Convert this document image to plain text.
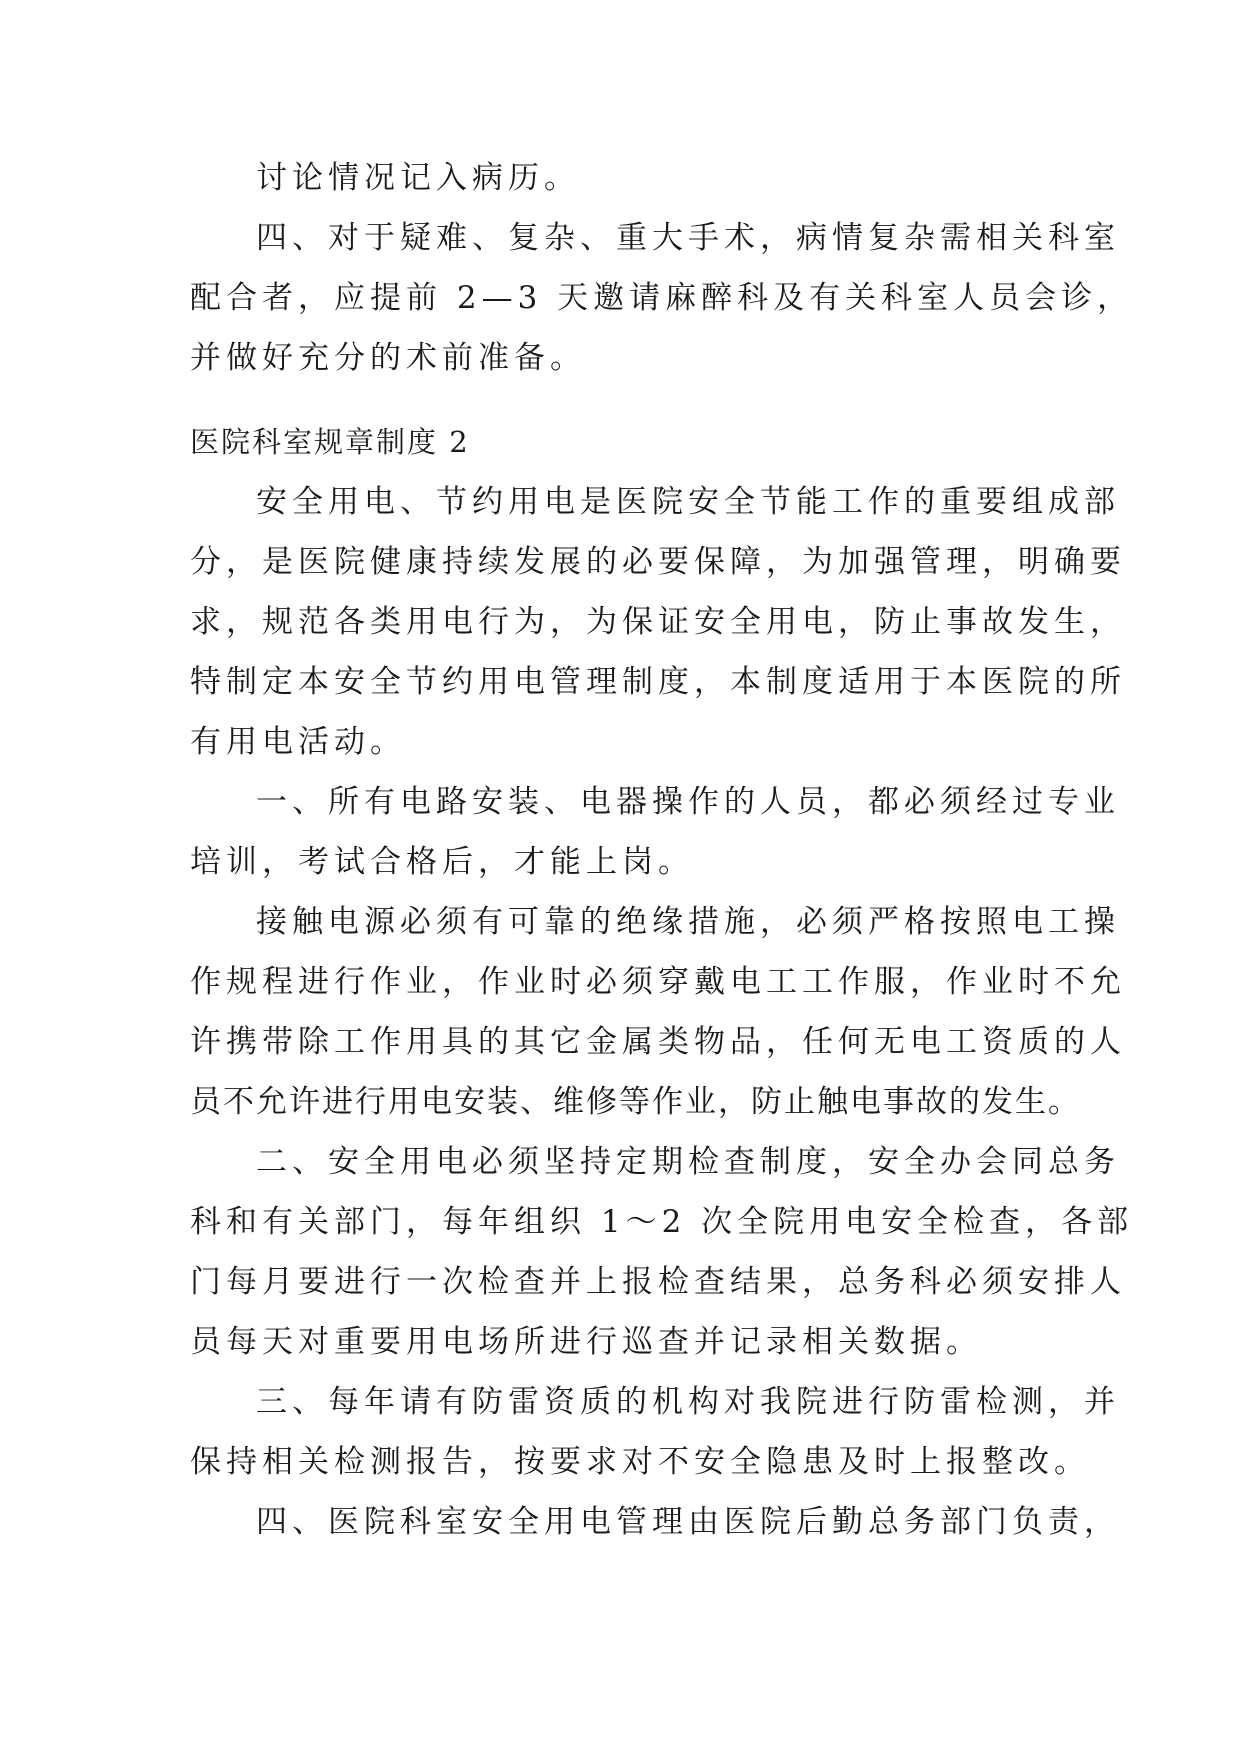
讨论情况记入病历。
四、对于疑难、复杂、重大手术，病情复杂需相关科室
配合者，应提前 2—3 天邀请麻醉科及有关科室人员会诊，
并做好充分的术前准备。
医院科室规章制度 2
安全用电、节约用电是医院安全节能工作的重要组成部
分，是医院健康持续发展的必要保障，为加强管理，明确要
求，规范各类用电行为，为保证安全用电，防止事故发生，
特制定本安全节约用电管理制度，本制度适用于本医院的所
有用电活动。
一、所有电路安装、电器操作的人员，都必须经过专业
培训，考试合格后，才能上岗。
接触电源必须有可靠的绝缘措施，必须严格按照电工操
作规程进行作业，作业时必须穿戴电工工作服，作业时不允
许携带除工作用具的其它金属类物品，任何无电工资质的人
员不允许进行用电安装、维修等作业，防止触电事故的发生。
二、安全用电必须坚持定期检查制度，安全办会同总务
科和有关部门，每年组织 1～2 次全院用电安全检查，各部
门每月要进行一次检查并上报检查结果，总务科必须安排人
员每天对重要用电场所进行巡查并记录相关数据。
三、每年请有防雷资质的机构对我院进行防雷检测，并
保持相关检测报告，按要求对不安全隐患及时上报整改。
四、医院科室安全用电管理由医院后勤总务部门负责，
